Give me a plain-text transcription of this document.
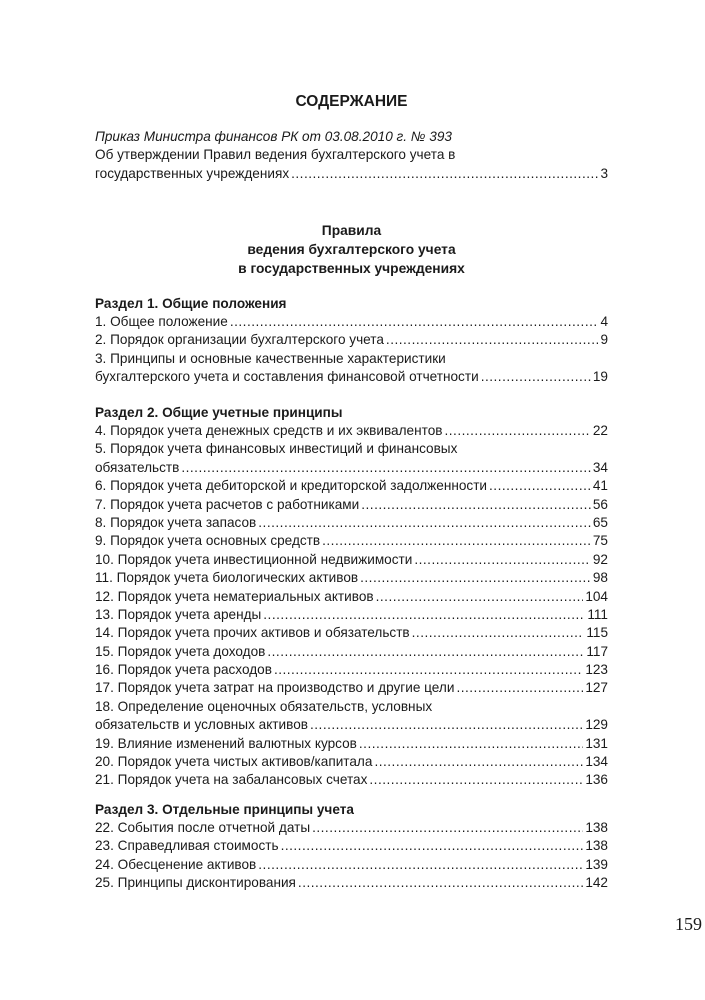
СОДЕРЖАНИЕ
Приказ Министра финансов РК от 03.08.2010 г. № 393
Об утверждении Правил ведения бухгалтерского учета в
государственных учреждениях .....	3
Правила
ведения бухгалтерского учета
в государственных учреждениях
Раздел 1. Общие положения
1. Общее положение .....	4
2. Порядок организации бухгалтерского учета .....	9
3. Принципы и основные качественные характеристики
бухгалтерского учета и составления финансовой отчетности .....	19
Раздел 2. Общие учетные принципы
4. Порядок учета денежных средств и их эквивалентов .....	22
5. Порядок учета финансовых инвестиций и финансовых
обязательств .....	34
6. Порядок учета дебиторской и кредиторской задолженности .....	41
7. Порядок учета расчетов с работниками .....	56
8. Порядок учета запасов .....	65
9. Порядок учета основных средств .....	75
10. Порядок учета инвестиционной недвижимости .....	92
11. Порядок учета биологических активов .....	98
12. Порядок учета нематериальных активов .....	104
13. Порядок учета аренды .....	111
14. Порядок учета прочих активов и обязательств .....	115
15. Порядок учета доходов .....	117
16. Порядок учета расходов .....	123
17. Порядок учета затрат на производство и другие цели .....	127
18. Определение оценочных обязательств, условных
обязательств и условных активов .....	129
19. Влияние изменений валютных курсов .....	131
20. Порядок учета чистых активов/капитала .....	134
21. Порядок учета на забалансовых счетах .....	136
Раздел 3. Отдельные принципы учета
22. События после отчетной даты .....	138
23. Справедливая стоимость .....	138
24. Обесценение активов .....	139
25. Принципы дисконтирования .....	142
159
